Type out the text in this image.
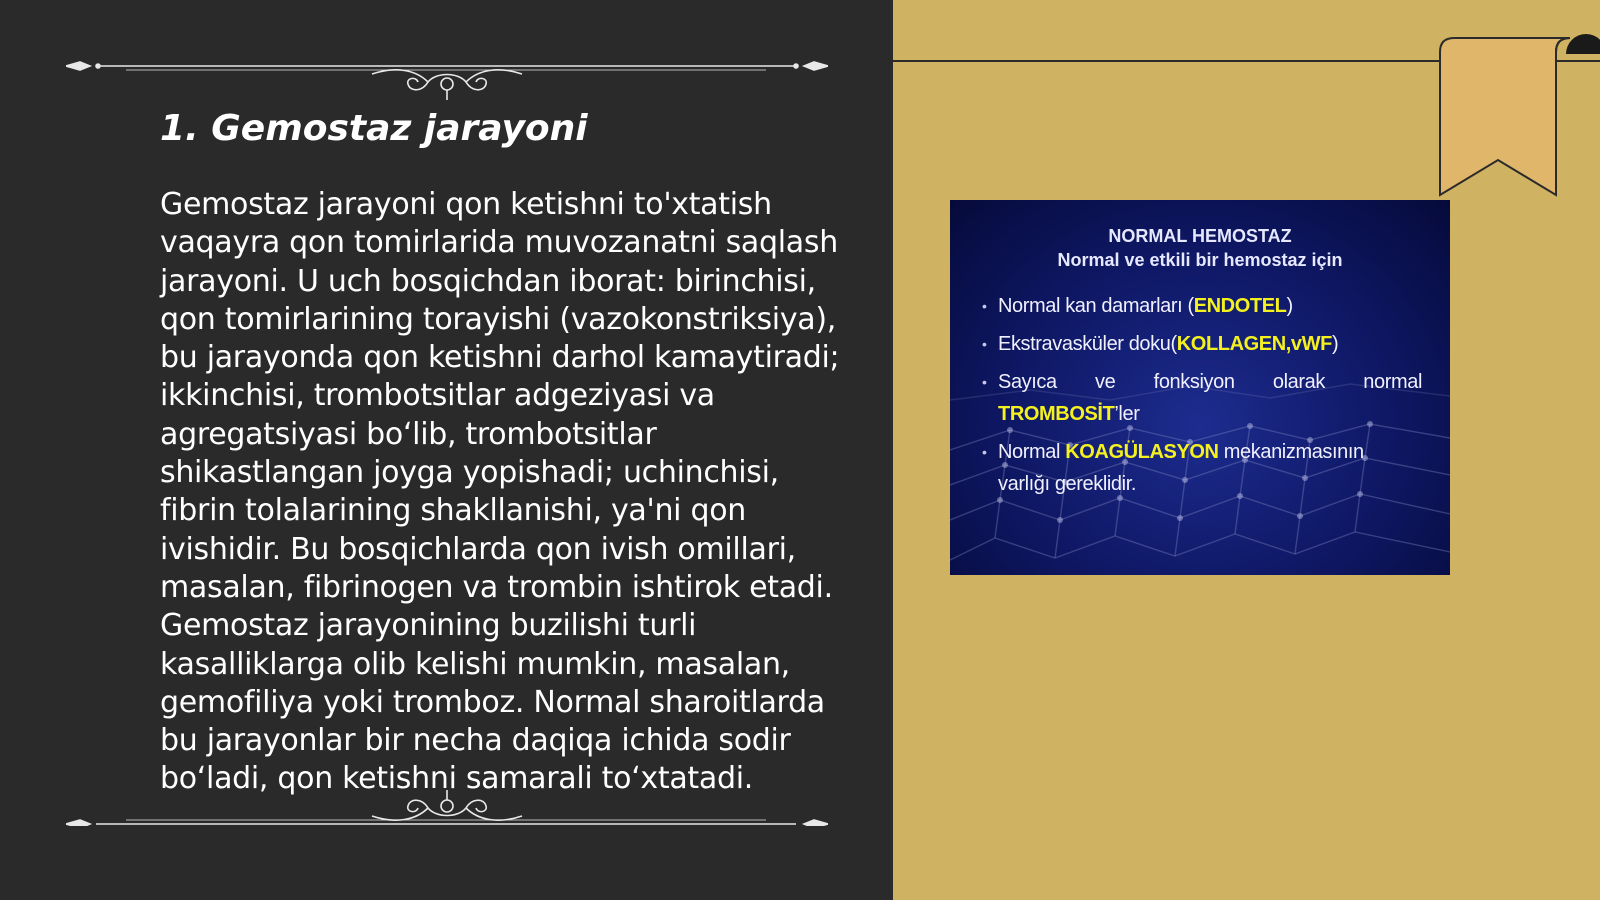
1. Gemostaz jarayoni

Gemostaz jarayoni qon ketishni to'xtatish vaqayra qon tomirlarida muvozanatni saqlash jarayoni. U uch bosqichdan iborat: birinchisi, qon tomirlarining torayishi (vazokonstriksiya), bu jarayonda qon ketishni darhol kamaytiradi; ikkinchisi, trombotsitlar adgeziyasi va agregatsiyasi bo‘lib, trombotsitlar shikastlangan joyga yopishadi; uchinchisi, fibrin tolalarining shakllanishi, ya'ni qon ivishidir. Bu bosqichlarda qon ivish omillari, masalan, fibrinogen va trombin ishtirok etadi. Gemostaz jarayonining buzilishi turli kasalliklarga olib kelishi mumkin, masalan, gemofiliya yoki tromboz. Normal sharoitlarda bu jarayonlar bir necha daqiqa ichida sodir bo‘ladi, qon ketishni samarali to‘xtatadi.

NORMAL HEMOSTAZ
Normal ve etkili bir hemostaz için
• Normal kan damarları (ENDOTEL)
• Ekstravasküler doku(KOLLAGEN,vWF)
• Sayıca ve fonksiyon olarak normal
TROMBOSİT’ler
• Normal KOAGÜLASYON mekanizmasının
varlığı gereklidir.
